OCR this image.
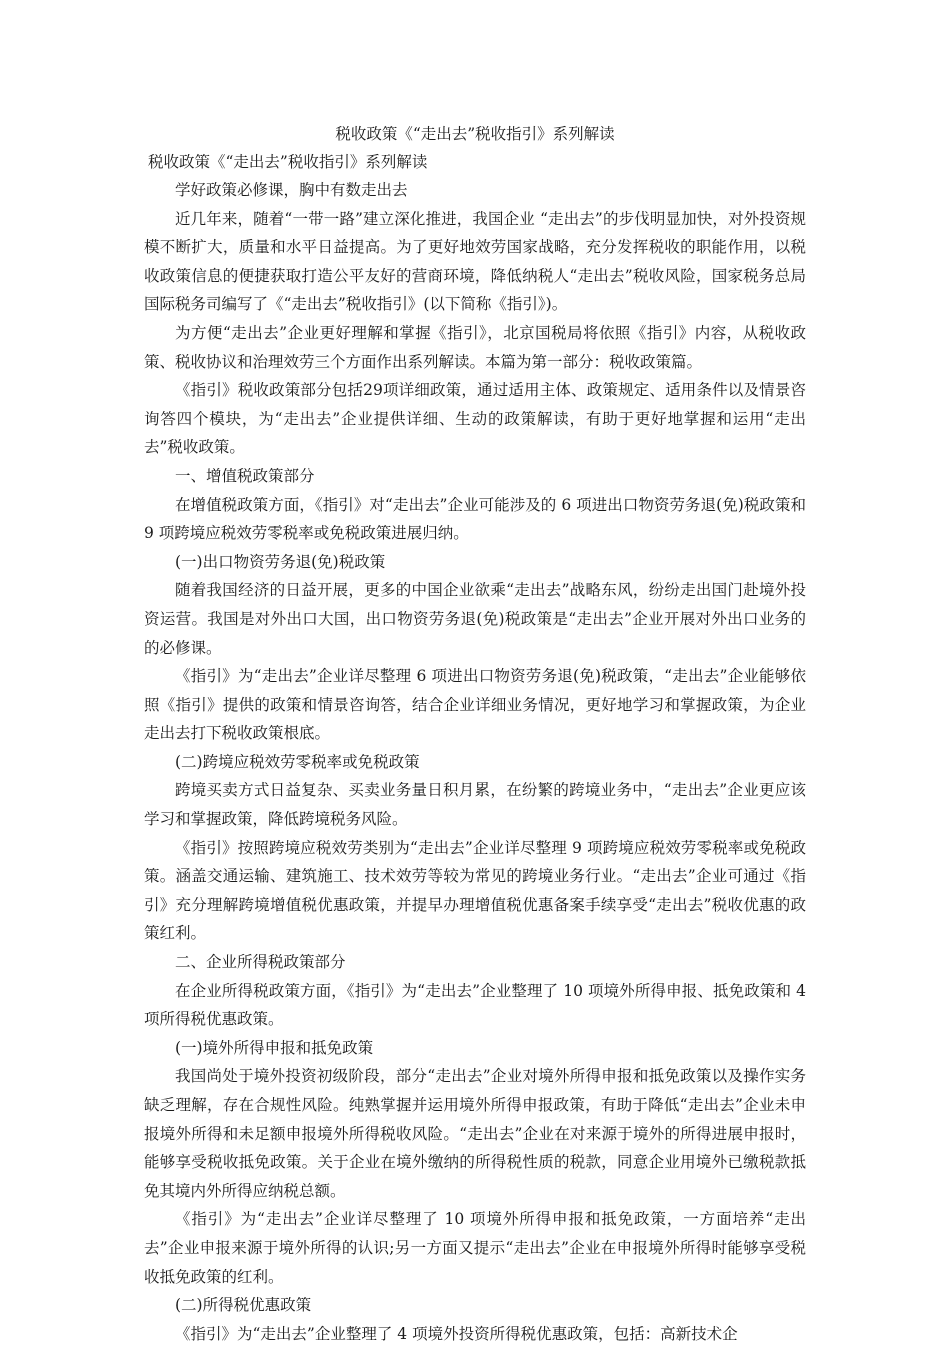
税收政策《“走出去”税收指引》系列解读
税收政策《“走出去”税收指引》系列解读

学好政策必修课，胸中有数走出去

近几年来，随着“一带一路”建立深化推进，我国企业 “走出去”的步伐明显加快，对外投资规模不断扩大，质量和水平日益提高。为了更好地效劳国家战略，充分发挥税收的职能作用，以税收政策信息的便捷获取打造公平友好的营商环境，降低纳税人“走出去”税收风险，国家税务总局国际税务司编写了《“走出去”税收指引》(以下简称《指引》)。

为方便“走出去”企业更好理解和掌握《指引》，北京国税局将依照《指引》内容，从税收政策、税收协议和治理效劳三个方面作出系列解读。本篇为第一部分：税收政策篇。

《指引》税收政策部分包括29项详细政策，通过适用主体、政策规定、适用条件以及情景咨询答四个模块，为“走出去”企业提供详细、生动的政策解读，有助于更好地掌握和运用“走出去”税收政策。

一、增值税政策部分

在增值税政策方面，《指引》对“走出去”企业可能涉及的 6 项进出口物资劳务退(免)税政策和 9 项跨境应税效劳零税率或免税政策进展归纳。

(一)出口物资劳务退(免)税政策

随着我国经济的日益开展，更多的中国企业欲乘“走出去”战略东风，纷纷走出国门赴境外投资运营。我国是对外出口大国，出口物资劳务退(免)税政策是“走出去”企业开展对外出口业务的的必修课。

《指引》为“走出去”企业详尽整理 6 项进出口物资劳务退(免)税政策，“走出去”企业能够依照《指引》提供的政策和情景咨询答，结合企业详细业务情况，更好地学习和掌握政策，为企业走出去打下税收政策根底。

(二)跨境应税效劳零税率或免税政策

跨境买卖方式日益复杂、买卖业务量日积月累，在纷繁的跨境业务中，“走出去”企业更应该学习和掌握政策，降低跨境税务风险。

《指引》按照跨境应税效劳类别为“走出去”企业详尽整理 9 项跨境应税效劳零税率或免税政策。涵盖交通运输、建筑施工、技术效劳等较为常见的跨境业务行业。“走出去”企业可通过《指引》充分理解跨境增值税优惠政策，并提早办理增值税优惠备案手续享受“走出去”税收优惠的政策红利。

二、企业所得税政策部分

在企业所得税政策方面，《指引》为“走出去”企业整理了 10 项境外所得申报、抵免政策和 4 项所得税优惠政策。

(一)境外所得申报和抵免政策

我国尚处于境外投资初级阶段，部分“走出去”企业对境外所得申报和抵免政策以及操作实务缺乏理解，存在合规性风险。纯熟掌握并运用境外所得申报政策，有助于降低“走出去”企业未申报境外所得和未足额申报境外所得税收风险。“走出去”企业在对来源于境外的所得进展申报时，能够享受税收抵免政策。关于企业在境外缴纳的所得税性质的税款，同意企业用境外已缴税款抵免其境内外所得应纳税总额。

《指引》为“走出去”企业详尽整理了 10 项境外所得申报和抵免政策，一方面培养“走出去”企业申报来源于境外所得的认识;另一方面又提示“走出去”企业在申报境外所得时能够享受税收抵免政策的红利。

(二)所得税优惠政策

《指引》为“走出去”企业整理了 4 项境外投资所得税优惠政策，包括：高新技术企
